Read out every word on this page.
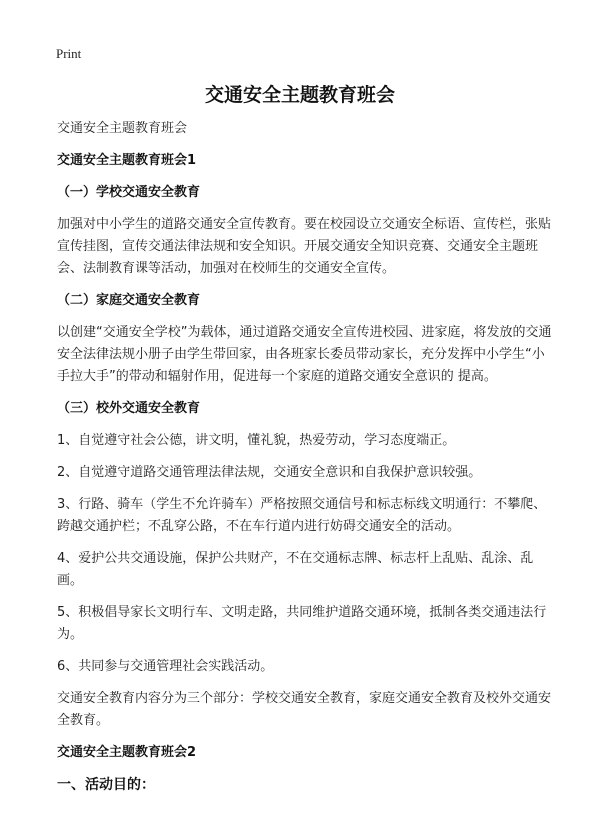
Print
交通安全主题教育班会

交通安全主题教育班会

交通安全主题教育班会1

（一）学校交通安全教育

加强对中小学生的道路交通安全宣传教育。要在校园设立交通安全标语、宣传栏，张贴宣传挂图，宣传交通法律法规和安全知识。开展交通安全知识竞赛、交通安全主题班会、法制教育课等活动，加强对在校师生的交通安全宣传。

（二）家庭交通安全教育

以创建“交通安全学校”为载体，通过道路交通安全宣传进校园、进家庭，将发放的交通安全法律法规小册子由学生带回家，由各班家长委员带动家长，充分发挥中小学生“小手拉大手”的带动和辐射作用，促进每一个家庭的道路交通安全意识的 提高。

（三）校外交通安全教育

1、自觉遵守社会公德，讲文明，懂礼貌，热爱劳动，学习态度端正。

2、自觉遵守道路交通管理法律法规，交通安全意识和自我保护意识较强。

3、行路、骑车（学生不允许骑车）严格按照交通信号和标志标线文明通行：不攀爬、跨越交通护栏；不乱穿公路，不在车行道内进行妨碍交通安全的活动。

4、爱护公共交通设施，保护公共财产，不在交通标志牌、标志杆上乱贴、乱涂、乱画。

5、积极倡导家长文明行车、文明走路，共同维护道路交通环境，抵制各类交通违法行为。

6、共同参与交通管理社会实践活动。

交通安全教育内容分为三个部分：学校交通安全教育，家庭交通安全教育及校外交通安全教育。

交通安全主题教育班会2

一、活动目的：
